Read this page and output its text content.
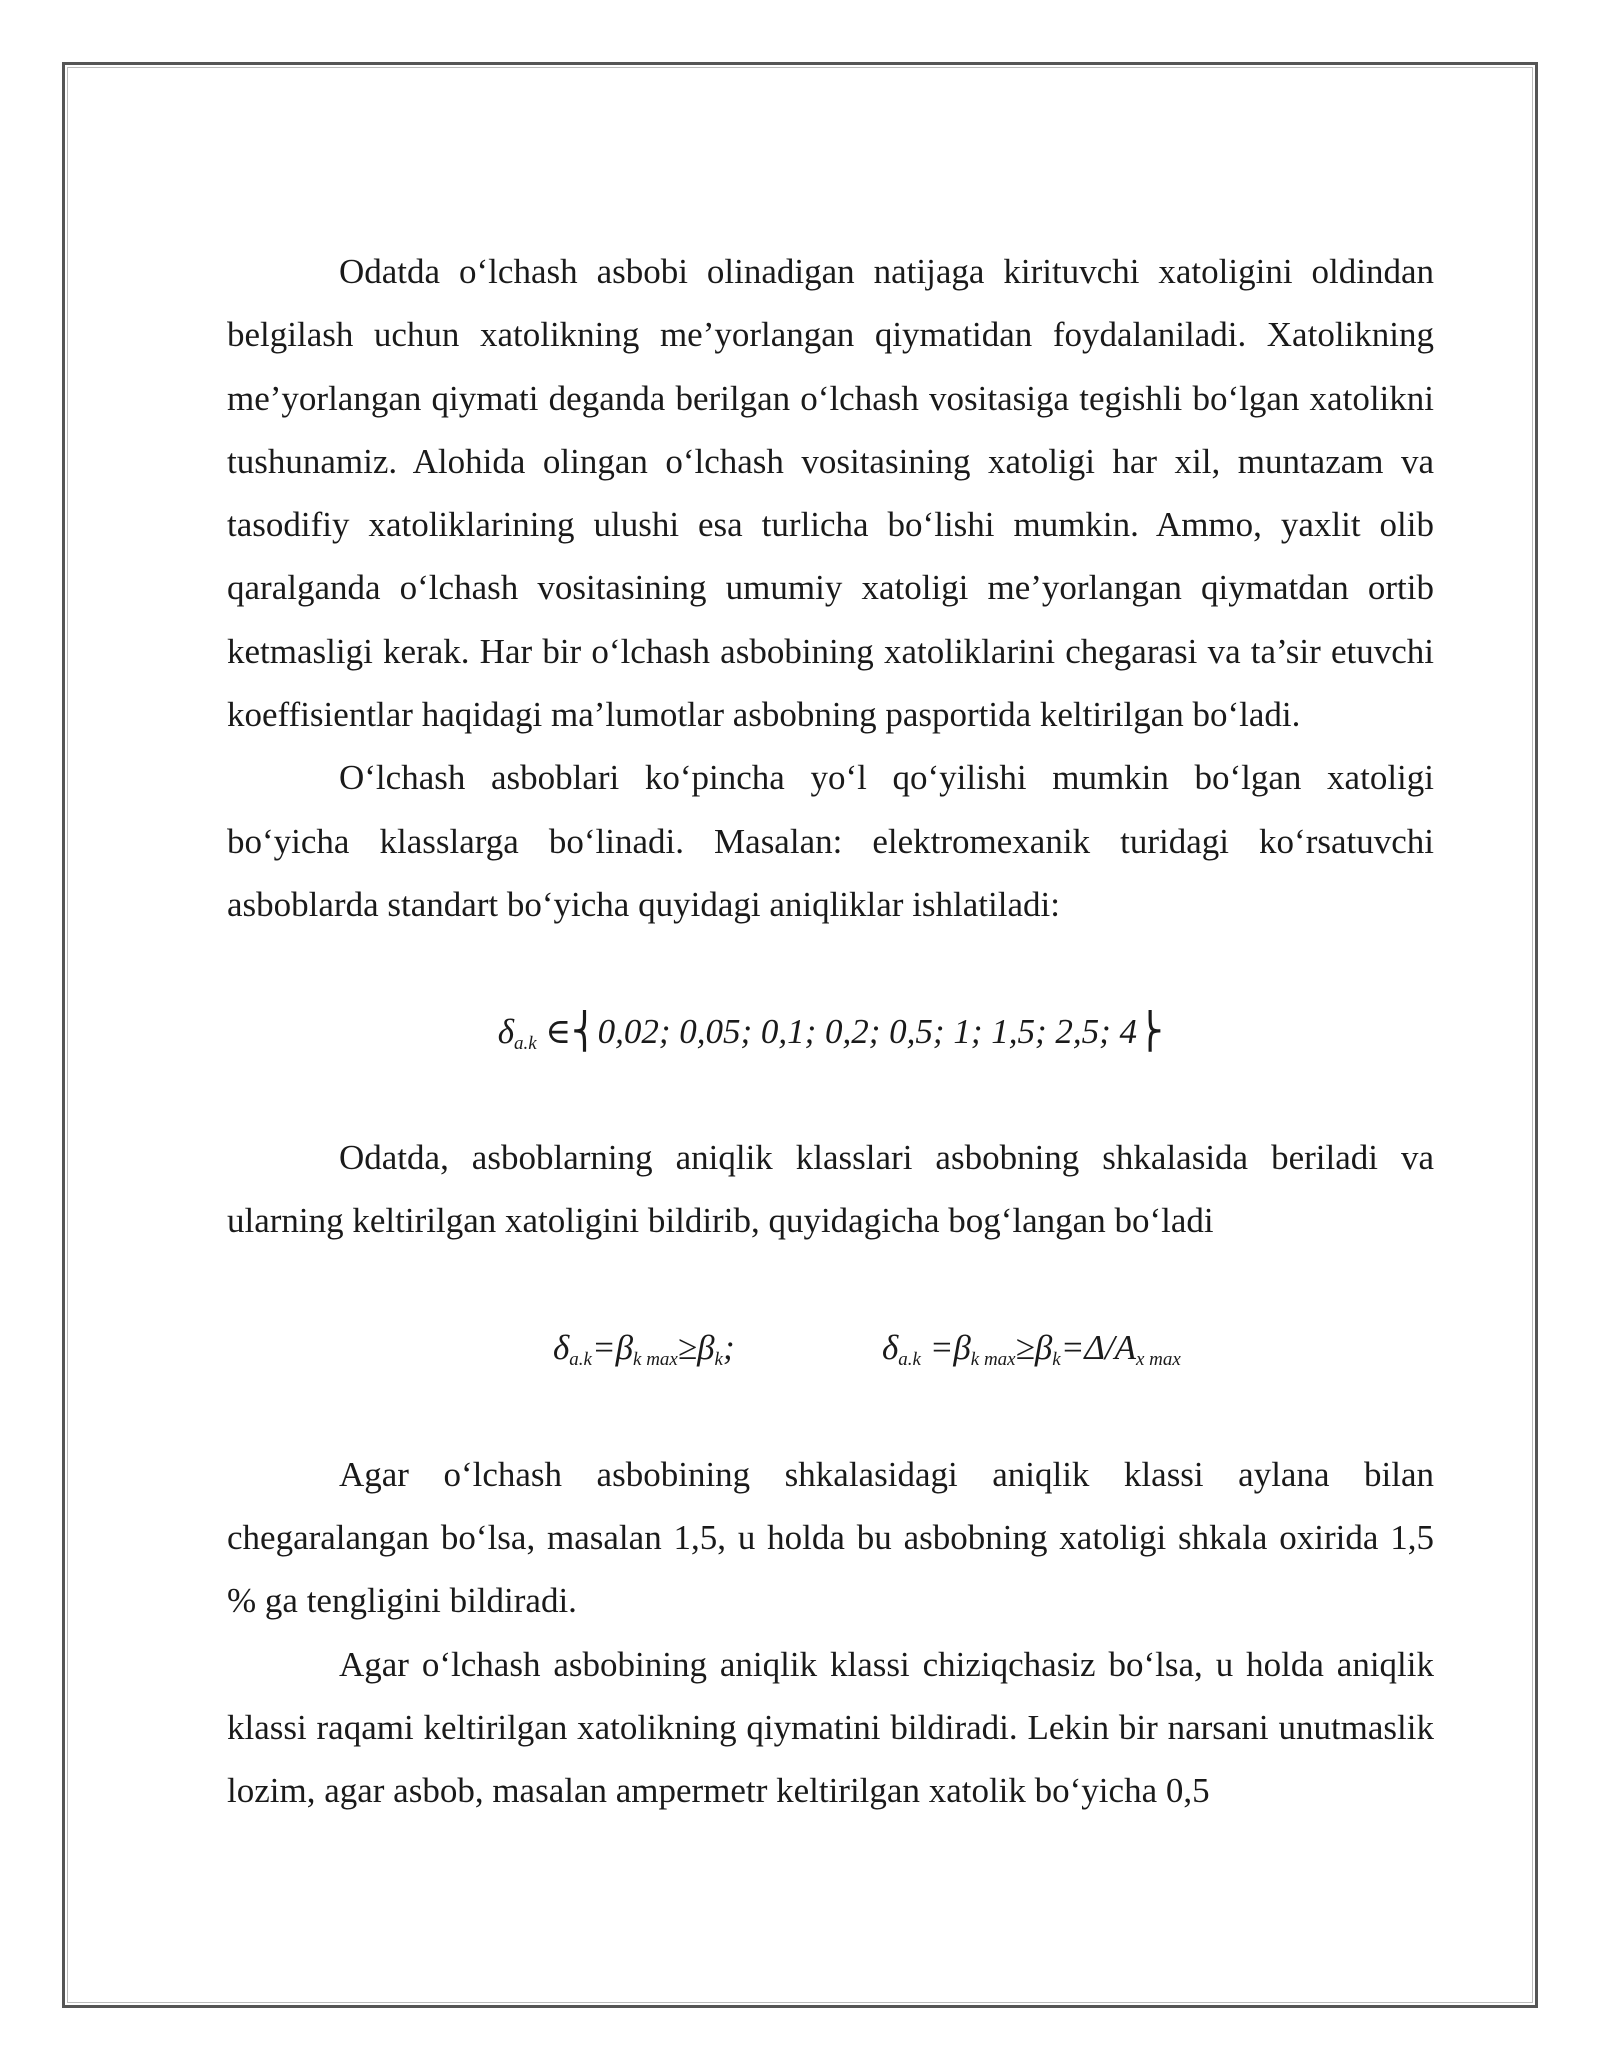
Odatda o‘lchash asbobi olinadigan natijaga kirituvchi xatoligini oldindan belgilash uchun xatolikning me’yorlangan qiymatidan foydalaniladi. Xatolikning me’yorlangan qiymati deganda berilgan o‘lchash vositasiga tegishli bo‘lgan xatolikni tushunamiz. Alohida olingan o‘lchash vositasining xatoligi har xil, muntazam va tasodifiy xatoliklarining ulushi esa turlicha bo‘lishi mumkin. Ammo, yaxlit olib qaralganda o‘lchash vositasining umumiy xatoligi me’yorlangan qiymatdan ortib ketmasligi kerak. Har bir o‘lchash asbobining xatoliklarini chegarasi va ta’sir etuvchi koeffisientlar haqidagi ma’lumotlar asbobning pasportida keltirilgan bo‘ladi.

O‘lchash asboblari ko‘pincha yo‘l qo‘yilishi mumkin bo‘lgan xatoligi bo‘yicha klasslarga bo‘linadi. Masalan: elektromexanik turidagi ko‘rsatuvchi asboblarda standart bo‘yicha quyidagi aniqliklar ishlatiladi:

$\delta_{a.k}$ ∈⎨0,02; 0,05; 0,1; 0,2; 0,5; 1; 1,5; 2,5; 4⎬

Odatda, asboblarning aniqlik klasslari asbobning shkalasida beriladi va ularning keltirilgan xatoligini bildirib, quyidagicha bog‘langan bo‘ladi

$\delta_{a.k}=\beta_{k max}\ge\beta_k$;	$\delta_{a.k} =\beta_{k max}\ge\beta_k=\Delta/A_{x max}$

Agar o‘lchash asbobining shkalasidagi aniqlik klassi aylana bilan chegaralangan bo‘lsa, masalan 1,5, u holda bu asbobning xatoligi shkala oxirida 1,5 % ga tengligini bildiradi.

Agar o‘lchash asbobining aniqlik klassi chiziqchasiz bo‘lsa, u holda aniqlik klassi raqami keltirilgan xatolikning qiymatini bildiradi. Lekin bir narsani unutmaslik lozim, agar asbob, masalan ampermetr keltirilgan xatolik bo‘yicha 0,5
